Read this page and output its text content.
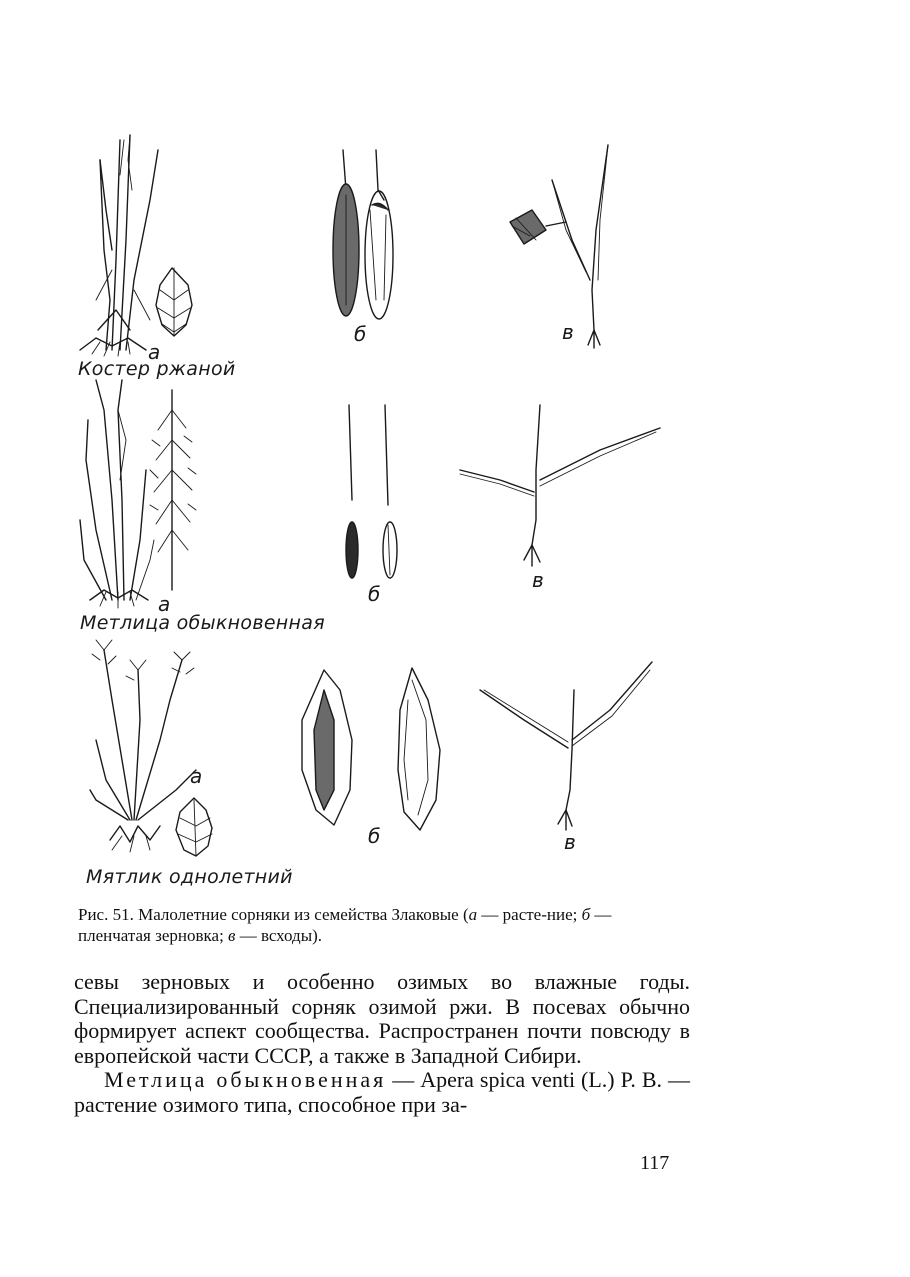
а
б	в
Костер ржаной
а	б
в
Метлица обыкновенная
а
б	в
Мятлик однолетний
Рис. 51. Малолетние сорняки из семейства Злаковые (а — расте-ние; б — пленчатая зерновка; в — всходы).

севы зерновых и особенно озимых во влажные годы. Специализированный сорняк озимой ржи. В посевах обычно формирует аспект сообщества. Распространен почти повсюду в европейской части СССР, а также в Западной Сибири.

Метлица обыкновенная — Apera spica venti (L.) P. B. — растение озимого типа, способное при за-

117
